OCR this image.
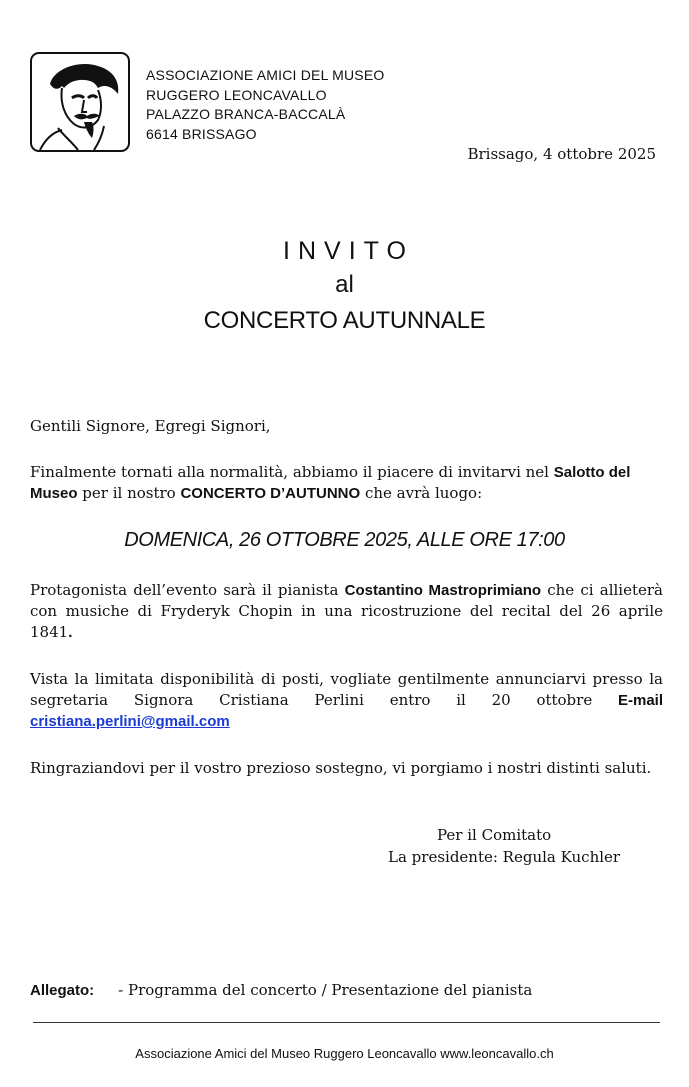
ASSOCIAZIONE AMICI DEL MUSEO
RUGGERO LEONCAVALLO
PALAZZO BRANCA-BACCALÀ
6614 BRISSAGO
Brissago, 4 ottobre 2025
INVITO
al
CONCERTO AUTUNNALE
Gentili Signore, Egregi Signori,
Finalmente tornati alla normalità, abbiamo il piacere di invitarvi nel Salotto del Museo per il nostro CONCERTO D’AUTUNNO che avrà luogo:
DOMENICA, 26 OTTOBRE 2025, ALLE ORE 17:00
Protagonista dell’evento sarà il pianista Costantino Mastroprimiano che ci allieterà con musiche di Fryderyk Chopin in una ricostruzione del recital del 26 aprile 1841.
Vista la limitata disponibilità di posti, vogliate gentilmente annunciarvi presso la segretaria Signora Cristiana Perlini entro il 20 ottobre E-mail cristiana.perlini@gmail.com
Ringraziandovi per il vostro prezioso sostegno, vi porgiamo i nostri distinti saluti.
Per il Comitato
La presidente: Regula Kuchler
Allegato: - Programma del concerto / Presentazione del pianista
Associazione Amici del Museo Ruggero Leoncavallo www.leoncavallo.ch
